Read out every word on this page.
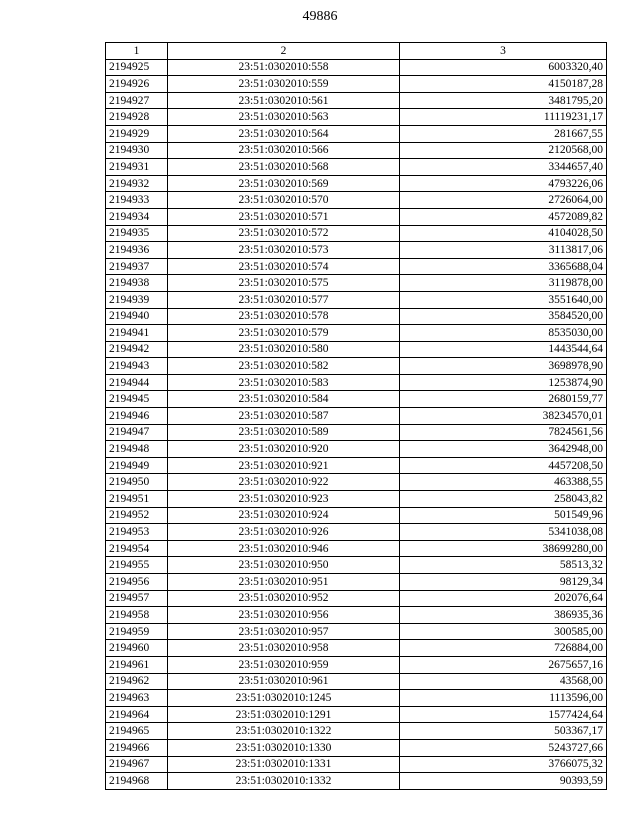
49886
1	2	3
2194925	23:51:0302010:558	6003320,40
2194926	23:51:0302010:559	4150187,28
2194927	23:51:0302010:561	3481795,20
2194928	23:51:0302010:563	11119231,17
2194929	23:51:0302010:564	281667,55
2194930	23:51:0302010:566	2120568,00
2194931	23:51:0302010:568	3344657,40
2194932	23:51:0302010:569	4793226,06
2194933	23:51:0302010:570	2726064,00
2194934	23:51:0302010:571	4572089,82
2194935	23:51:0302010:572	4104028,50
2194936	23:51:0302010:573	3113817,06
2194937	23:51:0302010:574	3365688,04
2194938	23:51:0302010:575	3119878,00
2194939	23:51:0302010:577	3551640,00
2194940	23:51:0302010:578	3584520,00
2194941	23:51:0302010:579	8535030,00
2194942	23:51:0302010:580	1443544,64
2194943	23:51:0302010:582	3698978,90
2194944	23:51:0302010:583	1253874,90
2194945	23:51:0302010:584	2680159,77
2194946	23:51:0302010:587	38234570,01
2194947	23:51:0302010:589	7824561,56
2194948	23:51:0302010:920	3642948,00
2194949	23:51:0302010:921	4457208,50
2194950	23:51:0302010:922	463388,55
2194951	23:51:0302010:923	258043,82
2194952	23:51:0302010:924	501549,96
2194953	23:51:0302010:926	5341038,08
2194954	23:51:0302010:946	38699280,00
2194955	23:51:0302010:950	58513,32
2194956	23:51:0302010:951	98129,34
2194957	23:51:0302010:952	202076,64
2194958	23:51:0302010:956	386935,36
2194959	23:51:0302010:957	300585,00
2194960	23:51:0302010:958	726884,00
2194961	23:51:0302010:959	2675657,16
2194962	23:51:0302010:961	43568,00
2194963	23:51:0302010:1245	1113596,00
2194964	23:51:0302010:1291	1577424,64
2194965	23:51:0302010:1322	503367,17
2194966	23:51:0302010:1330	5243727,66
2194967	23:51:0302010:1331	3766075,32
2194968	23:51:0302010:1332	90393,59
